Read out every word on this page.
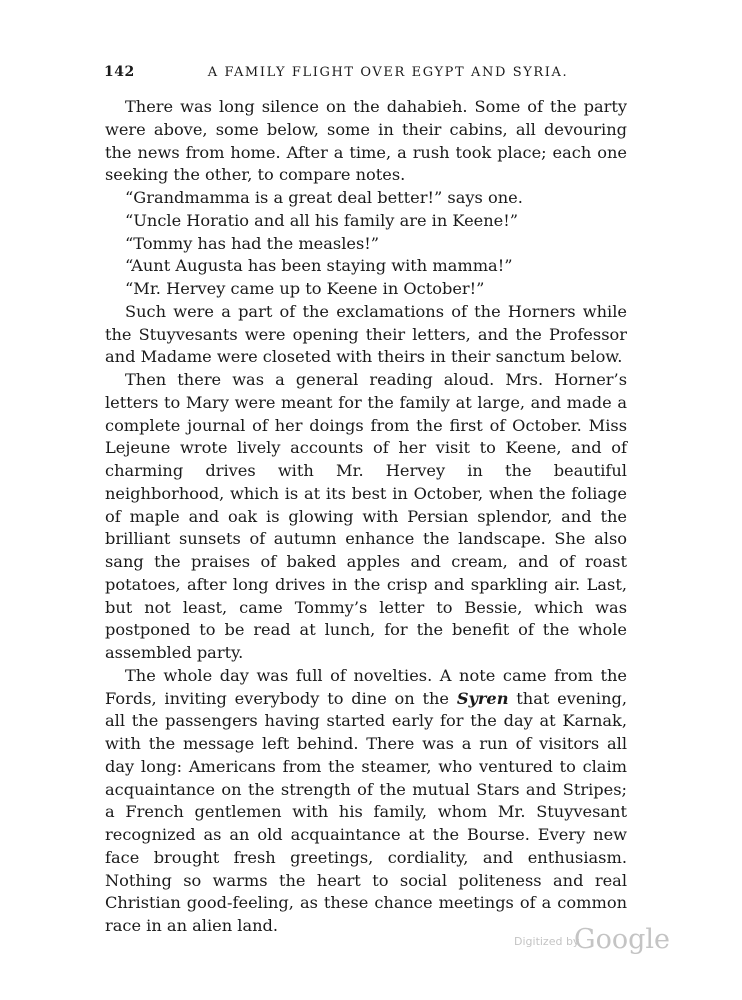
142	A FAMILY FLIGHT OVER EGYPT AND SYRIA.

There was long silence on the dahabieh. Some of the party were above, some below, some in their cabins, all devouring the news from home. After a time, a rush took place; each one seeking the other, to compare notes.

“Grandmamma is a great deal better!” says one.

“Uncle Horatio and all his family are in Keene!”

“Tommy has had the measles!”

“Aunt Augusta has been staying with mamma!”

“Mr. Hervey came up to Keene in October!”

Such were a part of the exclamations of the Horners while the Stuyvesants were opening their letters, and the Professor and Madame were closeted with theirs in their sanctum below.

Then there was a general reading aloud. Mrs. Horner’s letters to Mary were meant for the family at large, and made a complete journal of her doings from the first of October. Miss Lejeune wrote lively accounts of her visit to Keene, and of charming drives with Mr. Hervey in the beautiful neighborhood, which is at its best in October, when the foliage of maple and oak is glowing with Persian splendor, and the brilliant sunsets of autumn enhance the landscape. She also sang the praises of baked apples and cream, and of roast potatoes, after long drives in the crisp and sparkling air. Last, but not least, came Tommy’s letter to Bessie, which was postponed to be read at lunch, for the benefit of the whole assembled party.

The whole day was full of novelties. A note came from the Fords, inviting everybody to dine on the Syren that evening, all the passengers having started early for the day at Karnak, with the message left behind. There was a run of visitors all day long: Americans from the steamer, who ventured to claim acquaintance on the strength of the mutual Stars and Stripes; a French gentlemen with his family, whom Mr. Stuyvesant recognized as an old acquaintance at the Bourse. Every new face brought fresh greetings, cordiality, and enthusiasm. Nothing so warms the heart to social politeness and real Christian good-feeling, as these chance meetings of a common race in an alien land.

Digitized by
Google
